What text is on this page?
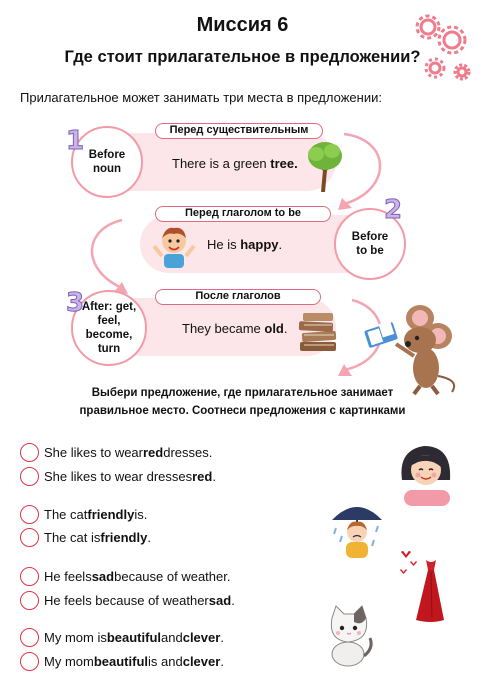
Миссия 6
Где стоит прилагательное в предложении?
Прилагательное может занимать три места в предложении:
Before noun
1	Перед существительным
There is a green tree.
Before to be
2
Перед глаголом to be
He is happy.
After: get, feel, become, turn
3	После глаголов
They became old.
Выбери предложение, где прилагательное занимает
правильное место. Соотнеси предложения с картинками
She likes to wear red dresses.
She likes to wear dresses red .
The cat friendly is.
The cat is friendly .
He feels sad because of weather.
He feels because of weather sad .
My mom is beautiful and clever .
My mom beautiful is and clever .
